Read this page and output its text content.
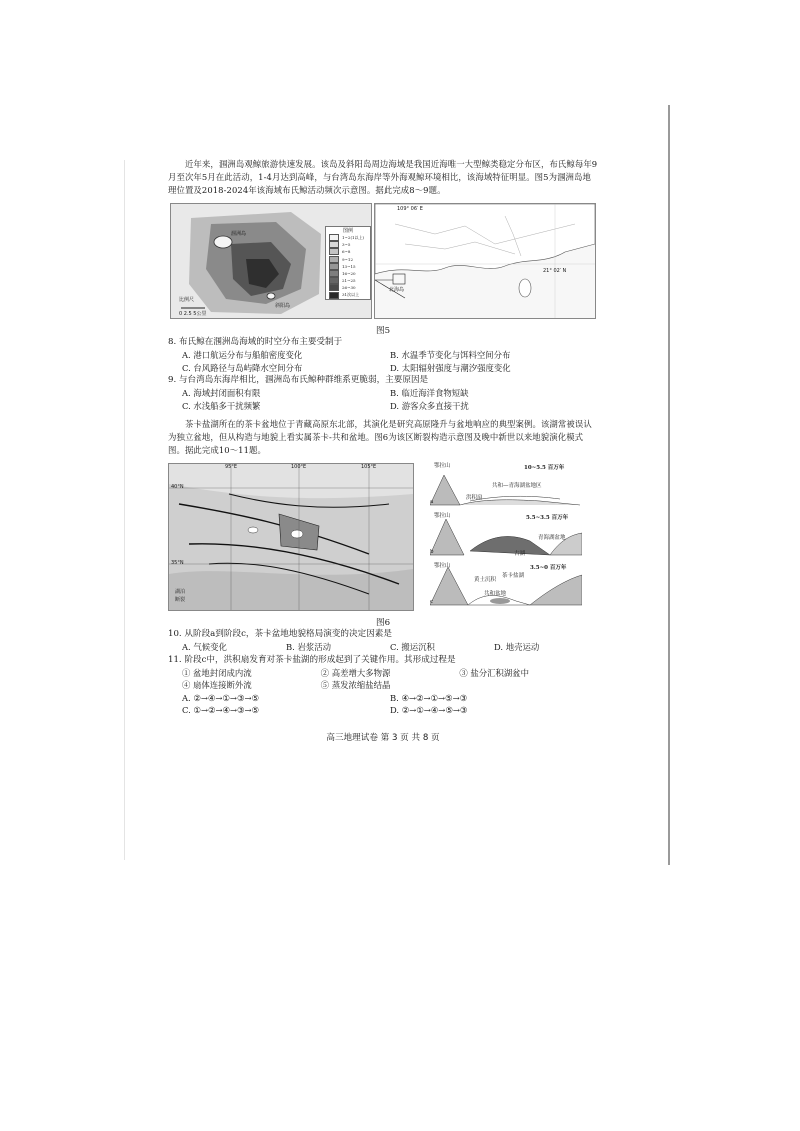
近年来，涠洲岛观鲸旅游快速发展。该岛及斜阳岛周边海域是我国近海唯一大型鲸类稳定分布区，布氏鲸每年9月至次年5月在此活动，1-4月达到高峰，与台湾岛东海岸等外海观鲸环境相比，该海域特征明显。图5为涠洲岛地理位置及2018-2024年该海域布氏鲸活动频次示意图。据此完成8～9题。

涠洲岛
斜阳岛
比例尺
0 2.5 5公里
图例
1~2(1以上)
3~5
6~8
9~12
13~15
16~20
21~25
26~30
31次以上
109° 06′ E
21° 02′ N
北海岛
图5

8. 布氏鲸在涠洲岛海域的时空分布主要受制于

A. 港口航运分布与船舶密度变化	B. 水温季节变化与饵料空间分布
C. 台风路径与岛屿降水空间分布	D. 太阳辐射强度与潮汐强度变化

9. 与台湾岛东海岸相比，涠洲岛布氏鲸种群维系更脆弱，主要原因是

A. 海域封闭面积有限	B. 临近海洋食物短缺
C. 水浅船多干扰频繁	D. 游客众多直接干扰

茶卡盐湖所在的茶卡盆地位于青藏高原东北部，其演化是研究高原隆升与盆地响应的典型案例。该湖常被误认为独立盆地，但从构造与地貌上看实属茶卡-共和盆地。图6为该区断裂构造示意图及晚中新世以来地貌演化模式图。据此完成10～11题。

95°E	100°E	105°E
40°N
35°N
湖泊
断裂
鄂拉山	10~5.5 百万年
共和—青海湖盆地区
洪积扇
a
鄂拉山	5.5~3.5 百万年
青海湖盆地
古湖
b
鄂拉山	3.5~0 百万年
黄土沉积
茶卡盐湖
共和盆地
c
图6

10. 从阶段a到阶段c，茶卡盆地地貌格局演变的决定因素是

A. 气候变化	B. 岩浆活动	C. 搬运沉积	D. 地壳运动

11. 阶段c中，洪积扇发育对茶卡盐湖的形成起到了关键作用。其形成过程是

① 盆地封闭成内流	② 高差增大多物源	③ 盐分汇积湖盆中
④ 扇体连接断外流	⑤ 蒸发浓缩盐结晶
A. ②→④→①→③→⑤	B. ④→②→①→⑤→③
C. ①→②→④→③→⑤	D. ②→①→④→⑤→③
高三地理试卷 第 3 页 共 8 页
